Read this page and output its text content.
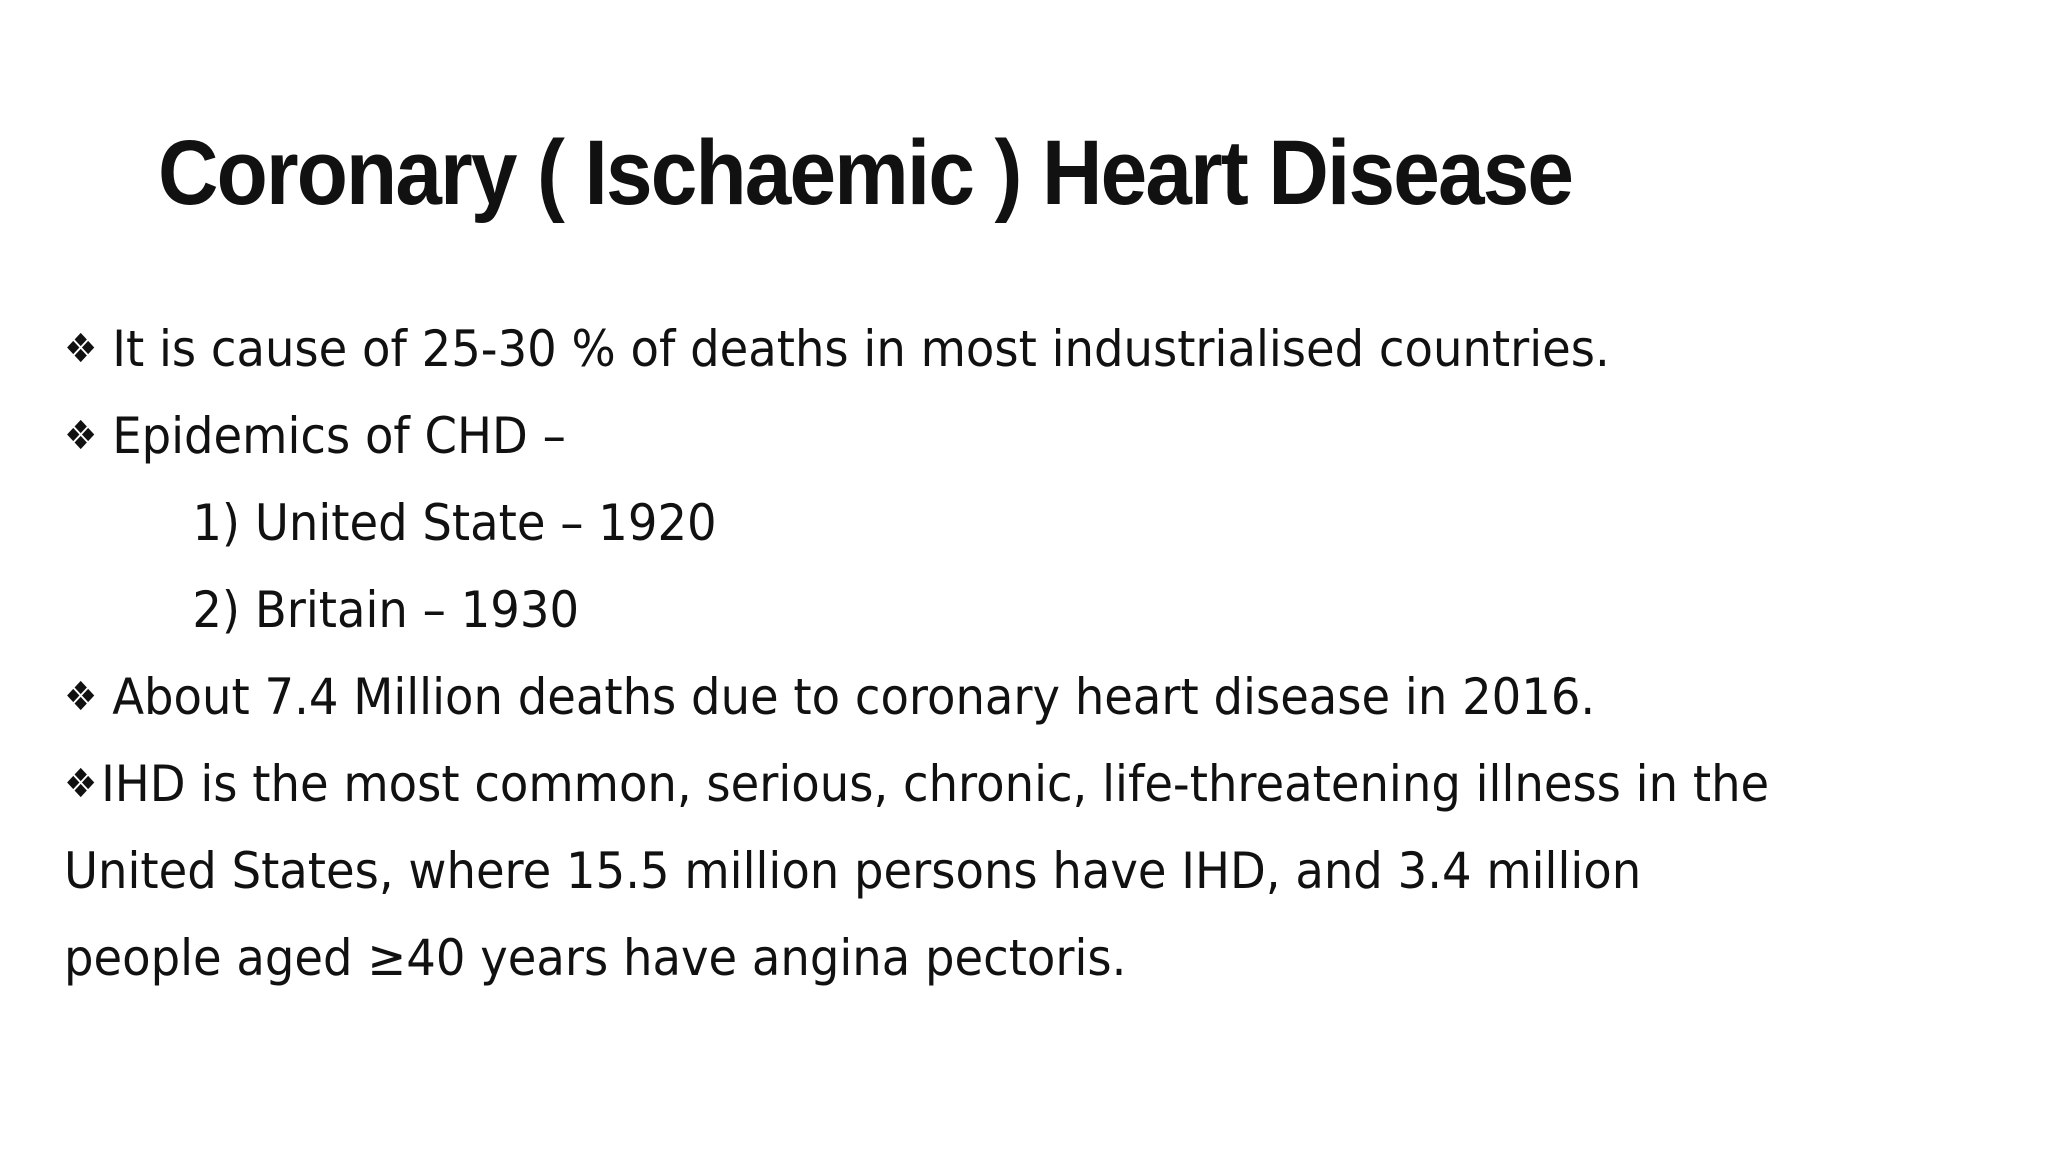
Coronary ( Ischaemic ) Heart Disease
❖ It is cause of 25-30 % of deaths in most industrialised countries.
❖ Epidemics of CHD –
1) United State – 1920
2) Britain – 1930
❖ About 7.4 Million deaths due to coronary heart disease in 2016.
❖IHD is the most common, serious, chronic, life-threatening illness in the
United States, where 15.5 million persons have IHD, and 3.4 million
people aged ≥40 years have angina pectoris.
